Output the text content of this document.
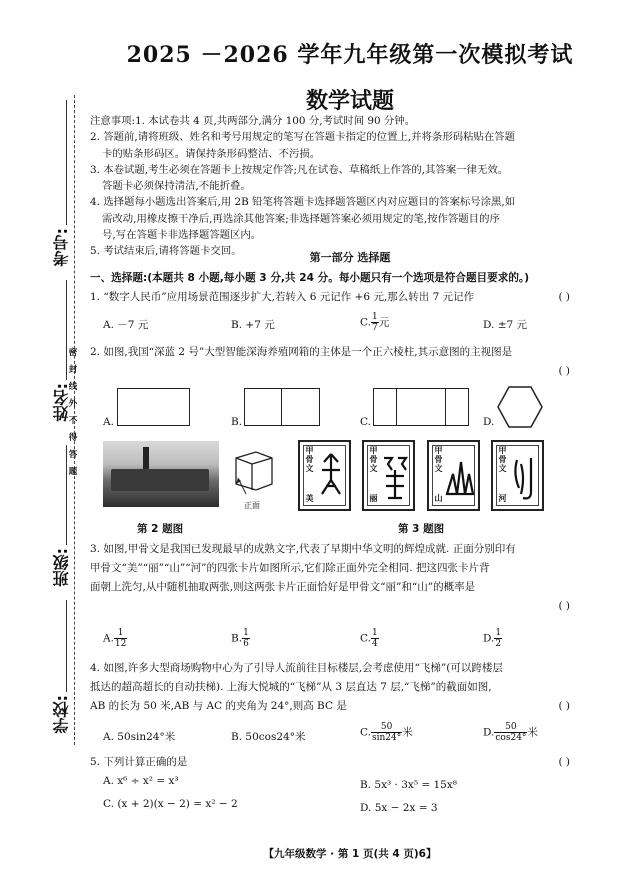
考号:
姓名:
班级:
学校:
密
封
线
外
不
得
答
题
2025 －2026 学年九年级第一次模拟考试
数学试题
注意事项:1. 本试卷共 4 页,共两部分,满分 100 分,考试时间 90 分钟。
2. 答题前,请将班级、姓名和考号用规定的笔写在答题卡指定的位置上,并将条形码粘贴在答题
卡的贴条形码区。请保持条形码整洁、不污损。
3. 本卷试题,考生必须在答题卡上按规定作答;凡在试卷、草稿纸上作答的,其答案一律无效。
答题卡必须保持清洁,不能折叠。
4. 选择题每小题选出答案后,用 2B 铅笔将答题卡选择题答题区内对应题目的答案标号涂黑,如
需改动,用橡皮擦干净后,再选涂其他答案;非选择题答案必须用规定的笔,按作答题目的序
号,写在答题卡非选择题答题区内。
5. 考试结束后,请将答题卡交回。	第一部分 选择题
一、选择题:(本题共 8 小题,每小题 3 分,共 24 分。每小题只有一个选项是符合题目要求的。)
1. “数字人民币”应用场景范围逐步扩大,若转入 6 元记作 +6 元,那么转出 7 元记作	( )
A. －7 元	B. +7 元	C. $\frac{1}{7}$ 元	D. ±7 元
2. 如图,我国“深蓝 2 号”大型智能深海养殖网箱的主体是一个正六棱柱,其示意图的主视图是
( )
A.	B.	C.	D.
正面
甲骨文
美
甲骨文
丽
甲骨文
山
甲骨文
河
第 2 题图	第 3 题图
3. 如图,甲骨文是我国已发现最早的成熟文字,代表了早期中华文明的辉煌成就. 正面分别印有
甲骨文“美”“丽”“山”“河”的四张卡片如图所示,它们除正面外完全相同. 把这四张卡片背
面朝上洗匀,从中随机抽取两张,则这两张卡片正面恰好是甲骨文“丽”和“山”的概率是
( )
A. $\frac{1}{12}$	B. $\frac{1}{6}$	C. $\frac{1}{4}$	D. $\frac{1}{2}$
4. 如图,许多大型商场购物中心为了引导人流前往目标楼层,会考虑使用“飞梯”(可以跨楼层
抵达的超高超长的自动扶梯). 上海大悦城的“飞梯”从 3 层直达 7 层,“飞梯”的截面如图,
AB 的长为 50 米,AB 与 AC 的夹角为 24°,则高 BC 是	( )
A. 50sin24°米	B. 50cos24°米	C. $\frac{50}{\sin 24^\circ}$ 米	D. $\frac{50}{\cos 24^\circ}$ 米
5. 下列计算正确的是	( )
A. x⁶ ÷ x² = x³	B. 5x³ · 3x⁵ = 15x⁸
C. (x + 2)(x − 2) = x² − 2	D. 5x − 2x = 3
【九年级数学 · 第 1 页(共 4 页)6】
